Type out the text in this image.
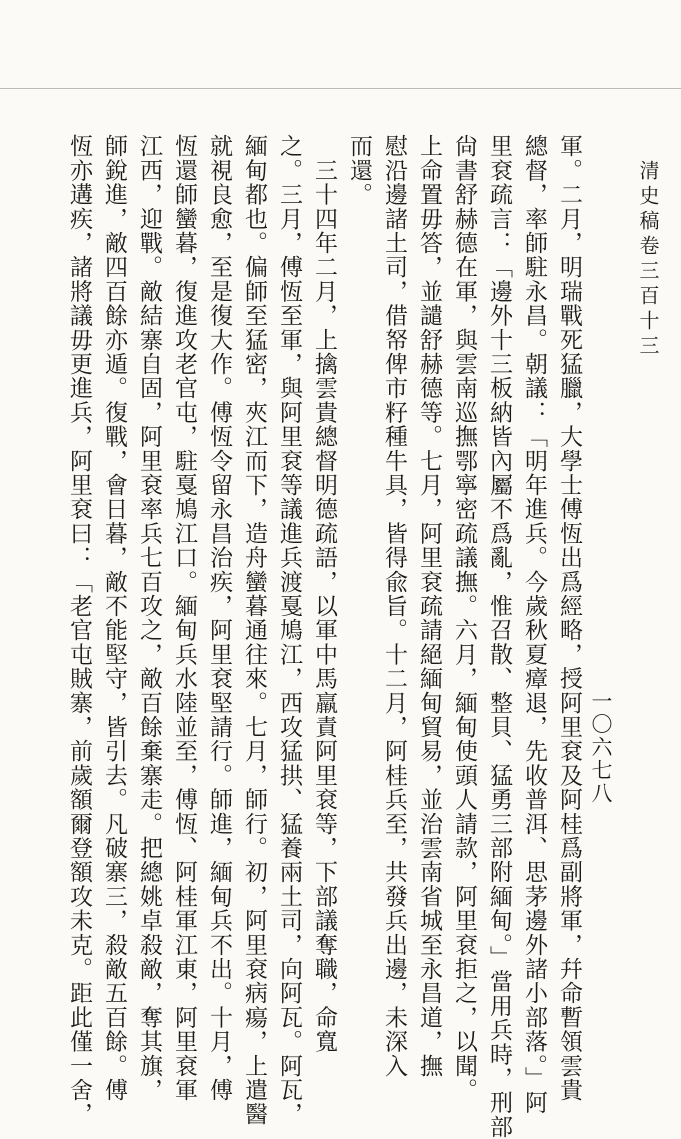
清史稿卷三百十三
一〇六七八
軍。二月，明瑞戰死猛臘，大學士傅恆出爲經略，授阿里袞及阿桂爲副將軍，幷命暫領雲貴
總督，率師駐永昌。朝議：「明年進兵。今歲秋夏瘴退，先收普洱、思茅邊外諸小部落。」阿
里袞疏言：「邊外十三板納皆內屬不爲亂，惟召散、整貝、猛勇三部附緬甸。」當用兵時，刑部
尙書舒赫德在軍，與雲南巡撫鄂寧密疏議撫。六月，緬甸使頭人請款，阿里袞拒之，以聞。
上命置毋答，並譴舒赫德等。七月，阿里袞疏請絕緬甸貿易，並治雲南省城至永昌道，撫
慰沿邊諸土司，借帑俾市籽種牛具，皆得兪旨。十二月，阿桂兵至，共發兵出邊，未深入
而還。
　三十四年二月，上擒雲貴總督明德疏語，以軍中馬羸責阿里袞等，下部議奪職，命寬
之。三月，傅恆至軍，與阿里袞等議進兵渡戛鳩江，西攻猛拱、猛養兩土司，向阿瓦。阿瓦，
緬甸都也。偏師至猛密，夾江而下，造舟蠻暮通往來。七月，師行。初，阿里袞病瘍，上遣醫
就視良愈，至是復大作。傅恆令留永昌治疾，阿里袞堅請行。師進，緬甸兵不出。十月，傅
恆還師蠻暮，復進攻老官屯，駐戛鳩江口。緬甸兵水陸並至，傅恆、阿桂軍江東，阿里袞軍
江西，迎戰。敵結寨自固，阿里袞率兵七百攻之，敵百餘棄寨走。把總姚卓殺敵，奪其旗，
師銳進，敵四百餘亦遁。復戰，會日暮，敵不能堅守，皆引去。凡破寨三，殺敵五百餘。傅
恆亦遘疾，諸將議毋更進兵，阿里袞曰：「老官屯賊寨，前歲額爾登額攻未克。距此僅一舍，
